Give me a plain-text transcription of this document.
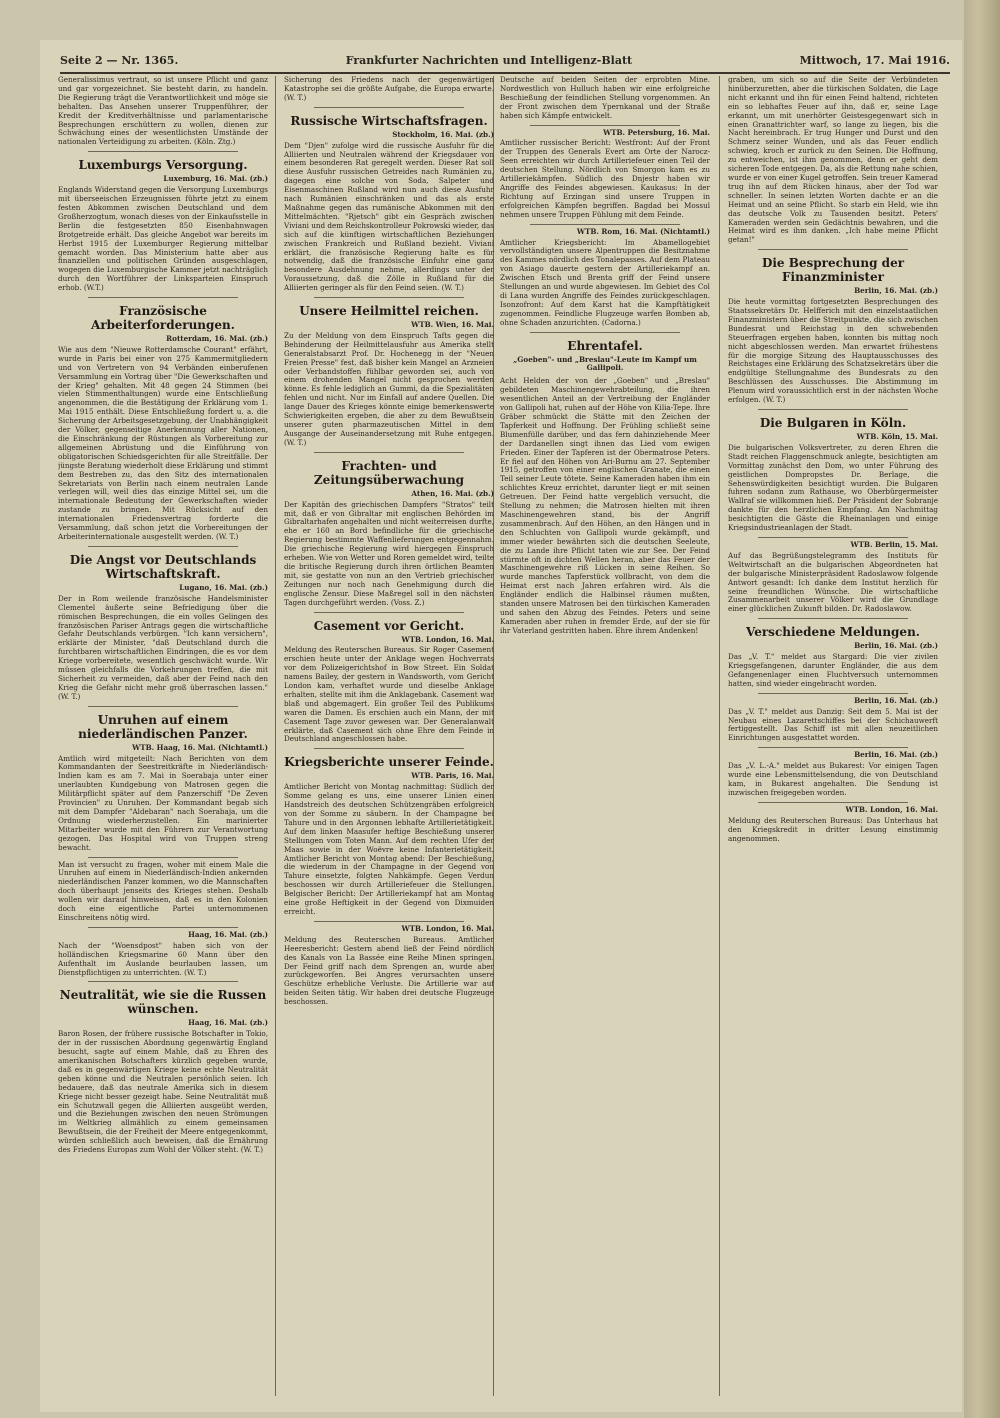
Seite 2 — Nr. 1365.	Frankfurter Nachrichten und Intelligenz-Blatt	Mittwoch, 17. Mai 1916.
Generalissimus vertraut, so ist unsere Pflicht und ganz und gar vorgezeichnet. Sie besteht darin, zu handeln. Die Regierung trägt die Verantwortlichkeit und möge sie behalten. Das Ansehen unserer Truppenführer, der Kredit der Kreditverhältnisse und parlamentarische Besprechungen erschüttern zu wollen, dienen zur Schwächung eines der wesentlichsten Umstände der nationalen Verteidigung zu arbeiten. (Köln. Ztg.)
Luxemburgs Versorgung.
Luxemburg, 16. Mai. (zb.)
Englands Widerstand gegen die Versorgung Luxemburgs mit überseeischen Erzeugnissen führte jetzt zu einem festen Abkommen zwischen Deutschland und dem Großherzogtum, wonach dieses von der Einkaufsstelle in Berlin die festgesetzten 850 Eisenbahnwagen Brotgetreide erhält. Das gleiche Angebot war bereits im Herbst 1915 der Luxemburger Regierung mittelbar gemacht worden. Das Ministerium hatte aber aus finanziellen und politischen Gründen ausgeschlagen, wogegen die Luxemburgische Kammer jetzt nachträglich durch den Wortführer der Linksparteien Einspruch erhob. (W.T.)
Französische Arbeiterforderungen.
Rotterdam, 16. Mai. (zb.)
Wie aus dem "Nieuwe Rotterdamsche Courant" erfährt, wurde in Paris bei einer von 275 Kammermitgliedern und von Vertretern von 94 Verbänden einberufenen Versammlung ein Vortrag über "Die Gewerkschaften und der Krieg" gehalten. Mit 48 gegen 24 Stimmen (bei vielen Stimmenthaltungen) wurde eine Entschließung angenommen, die die Bestätigung der Erklärung vom 1. Mai 1915 enthält. Diese Entschließung fordert u. a. die Sicherung der Arbeitsgesetzgebung, der Unabhängigkeit der Völker, gegenseitige Anerkennung aller Nationen, die Einschränkung der Rüstungen als Vorbereitung zur allgemeinen Abrüstung und die Einführung von obligatorischen Schiedsgerichten für alle Streitfälle. Der jüngste Beratung wiederholt diese Erklärung und stimmt dem Bestreben zu, das den Sitz des internationalen Sekretariats von Berlin nach einem neutralen Lande verlegen will, weil dies das einzige Mittel sei, um die internationale Bedeutung der Gewerkschaften wieder zustande zu bringen. Mit Rücksicht auf den internationalen Friedensvertrag forderte die Versammlung, daß schon jetzt die Vorbereitungen der Arbeiterinternationale ausgestellt werden. (W. T.)
Die Angst vor Deutschlands Wirtschaftskraft.
Lugano, 16. Mai. (zb.)
Der in Rom weilende französische Handelsminister Clementel äußerte seine Befriedigung über die römischen Besprechungen, die ein volles Gelingen des französischen Pariser Antrags gegen die wirtschaftliche Gefahr Deutschlands verbürgen. "Ich kann versichern", erklärte der Minister, "daß Deutschland durch die furchtbaren wirtschaftlichen Eindringen, die es vor dem Kriege vorbereitete, wesentlich geschwächt wurde. Wir müssen gleichfalls die Vorkehrungen treffen, die mit Sicherheit zu vermeiden, daß aber der Feind nach den Krieg die Gefahr nicht mehr groß überraschen lassen." (W. T.)
Unruhen auf einem niederländischen Panzer.
WTB. Haag, 16. Mai. (Nichtamtl.)
Amtlich wird mitgeteilt: Nach Berichten von dem Kommandanten der Seestreitkräfte in Niederländisch-Indien kam es am 7. Mai in Soerabaja unter einer unerlaubten Kundgebung von Matrosen gegen die Militärpflicht später auf dem Panzerschiff "De Zeven Provincien" zu Unruhen. Der Kommandant begab sich mit dem Dampfer "Aldebaran" nach Soerabaja, um die Ordnung wiederherzustellen. Ein marinierter Mitarbeiter wurde mit den Führern zur Verantwortung gezogen. Das Hospital wird von Truppen streng bewacht.
Man ist versucht zu fragen, woher mit einem Male die Unruhen auf einem in Niederländisch-Indien ankernden niederländischen Panzer kommen, wo die Mannschaften doch überhaupt jenseits des Krieges stehen. Deshalb wollen wir darauf hinweisen, daß es in den Kolonien doch eine eigentliche Partei unternommenen Einschreitens nötig wird.
Haag, 16. Mai. (zb.)
Nach der "Woensdpost" haben sich von der holländischen Kriegsmarine 60 Mann über den Aufenthalt im Auslande beurlauben lassen, um Dienstpflichtigen zu unterrichten. (W. T.)
Neutralität, wie sie die Russen wünschen.
Haag, 16. Mai. (zb.)
Baron Rosen, der frühere russische Botschafter in Tokio, der in der russischen Abordnung gegenwärtig England besucht, sagte auf einem Mahle, daß zu Ehren des amerikanischen Botschafters kürzlich gegeben wurde, daß es in gegenwärtigen Kriege keine echte Neutralität geben könne und die Neutralen persönlich seien. Ich bedauere, daß das neutrale Amerika sich in diesem Kriege nicht besser gezeigt habe. Seine Neutralität muß ein Schutzwall gegen die Alliierten ausgeübt werden, und die Beziehungen zwischen den neuen Strömungen im Weltkrieg allmählich zu einem gemeinsamen Bewußtsein, die der Freiheit der Meere entgegenkommt, würden schließlich auch beweisen, daß die Ernährung des Friedens Europas zum Wohl der Völker steht. (W. T.)
Sicherung des Friedens nach der gegenwärtigen Katastrophe sei die größte Aufgabe, die Europa erwarte. (W. T.)
Russische Wirtschaftsfragen.
Stockholm, 16. Mai. (zb.)
Dem "Djen" zufolge wird die russische Ausfuhr für die Alliierten und Neutralen während der Kriegsdauer von einem besonderen Rat geregelt werden. Dieser Rat soll diese Ausfuhr russischen Getreides nach Rumänien zu, dagegen eine solche von Soda, Salpeter und Eisenmaschinen Rußland wird nun auch diese Ausfuhr nach Rumänien einschränken und das als erste Maßnahme gegen das rumänische Abkommen mit den Mittelmächten. "Rjetsch" gibt ein Gespräch zwischen Viviani und dem Reichskontrolleur Pokrowski wieder, das sich auf die künftigen wirtschaftlichen Beziehungen zwischen Frankreich und Rußland bezieht. Viviani erklärt, die französische Regierung halte es für notwendig, daß die französische Einfuhr eine ganz besondere Ausdehnung nehme, allerdings unter der Voraussetzung, daß die Zölle in Rußland für die Alliierten geringer als für den Feind seien. (W. T.)
Unsere Heilmittel reichen.
WTB. Wien, 16. Mai.
Zu der Meldung von dem Einspruch Tafts gegen die Behinderung der Heilmittelausfuhr aus Amerika stellt Generalstabsarzt Prof. Dr. Hochenegg in der "Neuen Freien Presse" fest, daß bisher kein Mangel an Arzneien oder Verbandstoffen fühlbar geworden sei, auch von einem drohenden Mangel nicht gesprochen werden könne. Es fehle lediglich an Gummi, da die Spezialitäten fehlen und nicht. Nur im Einfall auf andere Quellen. Die lange Dauer des Krieges könnte einige bemerkenswerte Schwierigkeiten ergeben, die aber zu dem Bewußtsein unserer guten pharmazeutischen Mittel in dem Ausgange der Auseinandersetzung mit Ruhe entgegen. (W. T.)
Frachten- und Zeitungsüberwachung
Athen, 16. Mai. (zb.)
Der Kapitän des griechischen Dampfers "Stratos" teilt mit, daß er von Gibraltar mit englischen Behörden im Gibraltarhafen angehalten und nicht weiterreisen durfte, ehe er 160 an Bord befindliche für die griechische Regierung bestimmte Waffenlieferungen entgegennahm. Die griechische Regierung wird hiergegen Einspruch erheben. Wie von Wetter und Roren gemeldet wird, teilte die britische Regierung durch ihren örtlichen Beamten mit, sie gestatte von nun an den Vertrieb griechischer Zeitungen nur noch nach Genehmigung durch die englische Zensur. Diese Maßregel soll in den nächsten Tagen durchgeführt werden. (Voss. Z.)
Casement vor Gericht.
WTB. London, 16. Mai.
Meldung des Reuterschen Bureaus. Sir Roger Casement erschien heute unter der Anklage wegen Hochverrats vor dem Polizeigerichtshof in Bow Street. Ein Soldat namens Bailey, der gestern in Wandsworth, vom Gericht London kam, verhaftet wurde und dieselbe Anklage erhalten, stellte mit ihm die Anklagebank. Casement war blaß und abgemagert. Ein großer Teil des Publikums waren die Damen. Es erschien auch ein Mann, der mit Casement Tage zuvor gewesen war. Der Generalanwalt erklärte, daß Casement sich ohne Ehre dem Feinde in Deutschland angeschlossen habe.
Kriegsberichte unserer Feinde.
WTB. Paris, 16. Mai.
Amtlicher Bericht von Montag nachmittag: Südlich der Somme gelang es uns, eine unserer Linien einen Handstreich des deutschen Schützengräben erfolgreich von der Somme zu säubern. In der Champagne bei Tahure und in den Argonnen lebhafte Artillerietätigkeit. Auf dem linken Maasufer heftige Beschießung unserer Stellungen vom Toten Mann. Auf dem rechten Ufer der Maas sowie in der Woëvre keine Infanterietätigkeit. Amtlicher Bericht von Montag abend: Der Beschießung, die wiederum in der Champagne in der Gegend von Tahure einsetzte, folgten Nahkämpfe. Gegen Verdun beschossen wir durch Artilleriefeuer die Stellungen. Belgischer Bericht: Der Artilleriekampf hat am Montag eine große Heftigkeit in der Gegend von Dixmuiden erreicht.
WTB. London, 16. Mai.
Meldung des Reuterschen Bureaus. Amtlicher Heeresbericht: Gestern abend ließ der Feind nördlich des Kanals von La Bassée eine Reihe Minen springen. Der Feind griff nach dem Sprengen an, wurde aber zurückgeworfen. Bei Angres verursachten unsere Geschütze erhebliche Verluste. Die Artillerie war auf beiden Seiten tätig. Wir haben drei deutsche Flugzeuge beschossen.
Deutsche auf beiden Seiten der erprobten Mine. Nordwestlich von Hulluch haben wir eine erfolgreiche Beschießung der feindlichen Stellung vorgenommen. An der Front zwischen dem Ypernkanal und der Straße haben sich Kämpfe entwickelt.
WTB. Petersburg, 16. Mai.
Amtlicher russischer Bericht: Westfront: Auf der Front der Truppen des Generals Evert am Orte der Narocz-Seen erreichten wir durch Artilleriefeuer einen Teil der deutschen Stellung. Nördlich von Smorgon kam es zu Artilleriekämpfen. Südlich des Dnjestr haben wir Angriffe des Feindes abgewiesen. Kaukasus: In der Richtung auf Erzingan sind unsere Truppen in erfolgreichen Kämpfen begriffen. Bagdad bei Mossul nehmen unsere Truppen Fühlung mit dem Feinde.
WTB. Rom, 16. Mai. (Nichtamtl.)
Amtlicher Kriegsbericht: Im Abamellogebiet vervollständigten unsere Alpentruppen die Besitznahme des Kammes nördlich des Tonalepasses. Auf dem Plateau von Asiago dauerte gestern der Artilleriekampf an. Zwischen Etsch und Brenta griff der Feind unsere Stellungen an und wurde abgewiesen. Im Gebiet des Col di Lana wurden Angriffe des Feindes zurückgeschlagen. Isonzofront: Auf dem Karst hat die Kampftätigkeit zugenommen. Feindliche Flugzeuge warfen Bomben ab, ohne Schaden anzurichten. (Cadorna.)
Ehrentafel.
„Goeben"- und „Breslau"-Leute im Kampf um Gallipoli.
Acht Helden der von der „Goeben" und „Breslau" gebildeten Maschinengewehrabteilung, die ihren wesentlichen Anteil an der Vertreibung der Engländer von Gallipoli hat, ruhen auf der Höhe von Kilia-Tepe. Ihre Gräber schmückt die Stätte mit den Zeichen der Tapferkeit und Hoffnung. Der Frühling schließt seine Blumenfülle darüber, und das fern dahinziehende Meer der Dardanellen singt ihnen das Lied vom ewigen Frieden. Einer der Tapferen ist der Obermatrose Peters. Er fiel auf den Höhen von Ari-Burnu am 27. September 1915, getroffen von einer englischen Granate, die einen Teil seiner Leute tötete. Seine Kameraden haben ihm ein schlichtes Kreuz errichtet, darunter liegt er mit seinen Getreuen. Der Feind hatte vergeblich versucht, die Stellung zu nehmen; die Matrosen hielten mit ihren Maschinengewehren stand, bis der Angriff zusammenbrach. Auf den Höhen, an den Hängen und in den Schluchten von Gallipoli wurde gekämpft, und immer wieder bewährten sich die deutschen Seeleute, die zu Lande ihre Pflicht taten wie zur See. Der Feind stürmte oft in dichten Wellen heran, aber das Feuer der Maschinengewehre riß Lücken in seine Reihen. So wurde manches Tapferstück vollbracht, von dem die Heimat erst nach Jahren erfahren wird. Als die Engländer endlich die Halbinsel räumen mußten, standen unsere Matrosen bei den türkischen Kameraden und sahen den Abzug des Feindes. Peters und seine Kameraden aber ruhen in fremder Erde, auf der sie für ihr Vaterland gestritten haben. Ehre ihrem Andenken!
graben, um sich so auf die Seite der Verbündeten hinüberzuretten, aber die türkischen Soldaten, die Lage nicht erkannt und ihn für einen Feind haltend, richteten ein so lebhaftes Feuer auf ihn, daß er, seine Lage erkannt, um mit unerhörter Geistesgegenwart sich in einen Granattrichter warf, so lange zu liegen, bis die Nacht hereinbrach. Er trug Hunger und Durst und den Schmerz seiner Wunden, und als das Feuer endlich schwieg, kroch er zurück zu den Seinen. Die Hoffnung, zu entweichen, ist ihm genommen, denn er geht dem sicheren Tode entgegen. Da, als die Rettung nahe schien, wurde er von einer Kugel getroffen. Sein treuer Kamerad trug ihn auf dem Rücken hinaus, aber der Tod war schneller. In seinen letzten Worten dachte er an die Heimat und an seine Pflicht. So starb ein Held, wie ihn das deutsche Volk zu Tausenden besitzt. Peters' Kameraden werden sein Gedächtnis bewahren, und die Heimat wird es ihm danken. „Ich habe meine Pflicht getan!"
Die Besprechung der Finanzminister
Berlin, 16. Mai. (zb.)
Die heute vormittag fortgesetzten Besprechungen des Staatssekretärs Dr. Helfferich mit den einzelstaatlichen Finanzministern über die Streitpunkte, die sich zwischen Bundesrat und Reichstag in den schwebenden Steuerfragen ergeben haben, konnten bis mittag noch nicht abgeschlossen werden. Man erwartet frühestens für die morgige Sitzung des Hauptausschusses des Reichstages eine Erklärung des Schatzsekretärs über die endgültige Stellungnahme des Bundesrats zu den Beschlüssen des Ausschusses. Die Abstimmung im Plenum wird voraussichtlich erst in der nächsten Woche erfolgen. (W. T.)
Die Bulgaren in Köln.
WTB. Köln, 15. Mai.
Die bulgarischen Volksvertreter, zu deren Ehren die Stadt reichen Flaggenschmuck anlegte, besichtigten am Vormittag zunächst den Dom, wo unter Führung des geistlichen Dompropstes Dr. Berlage, die Sehenswürdigkeiten besichtigt wurden. Die Bulgaren fuhren sodann zum Rathause, wo Oberbürgermeister Wallraf sie willkommen hieß. Der Präsident der Sobranje dankte für den herzlichen Empfang. Am Nachmittag besichtigten die Gäste die Rheinanlagen und einige Kriegsindustrieanlagen der Stadt.
WTB. Berlin, 15. Mai.
Auf das Begrüßungstelegramm des Instituts für Weltwirtschaft an die bulgarischen Abgeordneten hat der bulgarische Ministerpräsident Radoslawow folgende Antwort gesandt: Ich danke dem Institut herzlich für seine freundlichen Wünsche. Die wirtschaftliche Zusammenarbeit unserer Völker wird die Grundlage einer glücklichen Zukunft bilden. Dr. Radoslawow.
Verschiedene Meldungen.
Berlin, 16. Mai. (zb.)
Das „V. T." meldet aus Stargard: Die vier zivilen Kriegsgefangenen, darunter Engländer, die aus dem Gefangenenlager einen Fluchtversuch unternommen hatten, sind wieder eingebracht worden.
Berlin, 16. Mai. (zb.)
Das „V. T." meldet aus Danzig: Seit dem 5. Mai ist der Neubau eines Lazarettschiffes bei der Schichauwerft fertiggestellt. Das Schiff ist mit allen neuzeitlichen Einrichtungen ausgestattet worden.
Berlin, 16. Mai. (zb.)
Das „V. L.-A." meldet aus Bukarest: Vor einigen Tagen wurde eine Lebensmittelsendung, die von Deutschland kam, in Bukarest angehalten. Die Sendung ist inzwischen freigegeben worden.
WTB. London, 16. Mai.
Meldung des Reuterschen Bureaus: Das Unterhaus hat den Kriegskredit in dritter Lesung einstimmig angenommen.
